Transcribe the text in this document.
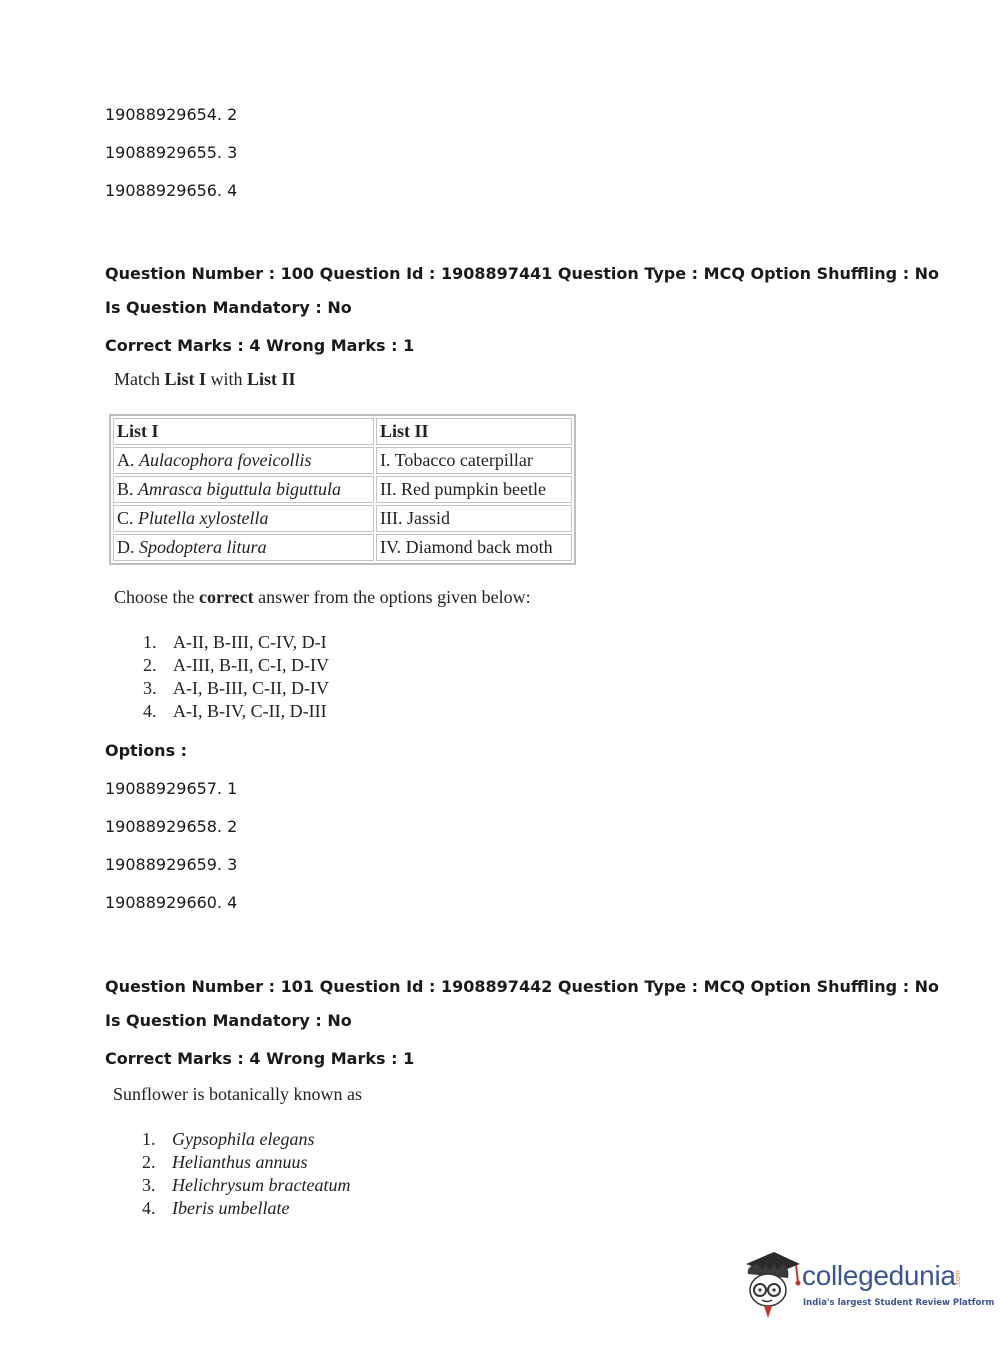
19088929654. 2
19088929655. 3
19088929656. 4
Question Number : 100 Question Id : 1908897441 Question Type : MCQ Option Shuffling : No
Is Question Mandatory : No
Correct Marks : 4 Wrong Marks : 1
Match List I with List II
List I	List II
A. Aulacophora foveicollis	I. Tobacco caterpillar
B. Amrasca biguttula biguttula	II. Red pumpkin beetle
C. Plutella xylostella	III. Jassid
D. Spodoptera litura	IV. Diamond back moth
Choose the correct answer from the options given below:
1. A-II, B-III, C-IV, D-I
2. A-III, B-II, C-I, D-IV
3. A-I, B-III, C-II, D-IV
4. A-I, B-IV, C-II, D-III
Options :
19088929657. 1
19088929658. 2
19088929659. 3
19088929660. 4
Question Number : 101 Question Id : 1908897442 Question Type : MCQ Option Shuffling : No
Is Question Mandatory : No
Correct Marks : 4 Wrong Marks : 1
Sunflower is botanically known as
1. Gypsophila elegans
2. Helianthus annuus
3. Helichrysum bracteatum
4. Iberis umbellate
collegedunia
.com
India's largest Student Review Platform
